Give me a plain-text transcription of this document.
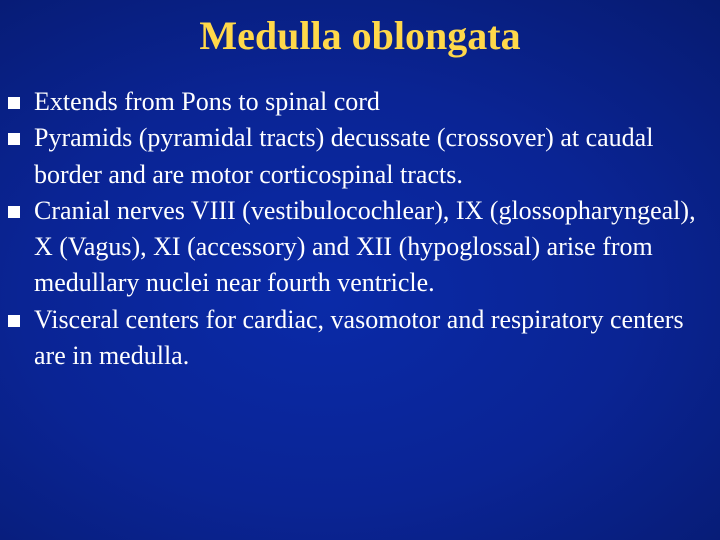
Medulla oblongata
Extends from Pons to spinal cord
Pyramids (pyramidal tracts) decussate (crossover) at caudal border and are motor corticospinal tracts.
Cranial nerves VIII (vestibulocochlear), IX (glossopharyngeal), X (Vagus), XI (accessory) and XII (hypoglossal) arise from medullary nuclei near fourth ventricle.
Visceral centers for cardiac, vasomotor and respiratory centers are in medulla.
